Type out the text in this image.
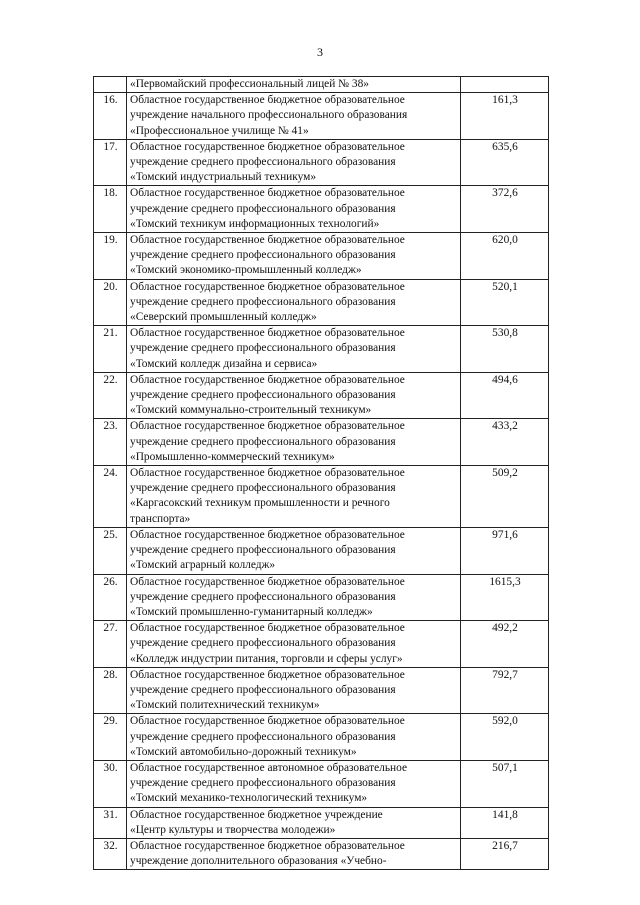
3

	«Первомайский профессиональный лицей № 38»	

16.	Областное государственное бюджетное образовательное
учреждение начального профессионального образования
«Профессиональное училище № 41»	161,3
17.	Областное государственное бюджетное образовательное
учреждение среднего профессионального образования
«Томский индустриальный техникум»	635,6
18.	Областное государственное бюджетное образовательное
учреждение среднего профессионального образования
«Томский техникум информационных технологий»	372,6
19.	Областное государственное бюджетное образовательное
учреждение среднего профессионального образования
«Томский экономико-промышленный колледж»	620,0
20.	Областное государственное бюджетное образовательное
учреждение среднего профессионального образования
«Северский промышленный колледж»	520,1
21.	Областное государственное бюджетное образовательное
учреждение среднего профессионального образования
«Томский колледж дизайна и сервиса»	530,8
22.	Областное государственное бюджетное образовательное
учреждение среднего профессионального образования
«Томский коммунально-строительный техникум»	494,6
23.	Областное государственное бюджетное образовательное
учреждение среднего профессионального образования
«Промышленно-коммерческий техникум»	433,2
24.	Областное государственное бюджетное образовательное
учреждение среднего профессионального образования
«Каргасокский техникум промышленности и речного
транспорта»	509,2
25.	Областное государственное бюджетное образовательное
учреждение среднего профессионального образования
«Томский аграрный колледж»	971,6
26.	Областное государственное бюджетное образовательное
учреждение среднего профессионального образования
«Томский промышленно-гуманитарный колледж»	1615,3
27.	Областное государственное бюджетное образовательное
учреждение среднего профессионального образования
«Колледж индустрии питания, торговли и сферы услуг»	492,2
28.	Областное государственное бюджетное образовательное
учреждение среднего профессионального образования
«Томский политехнический техникум»	792,7
29.	Областное государственное бюджетное образовательное
учреждение среднего профессионального образования
«Томский автомобильно-дорожный техникум»	592,0
30.	Областное государственное автономное образовательное
учреждение среднего профессионального образования
«Томский механико-технологический техникум»	507,1
31.	Областное государственное бюджетное учреждение
«Центр культуры и творчества молодежи»	141,8
32.	Областное государственное бюджетное образовательное
учреждение дополнительного образования «Учебно-	216,7
